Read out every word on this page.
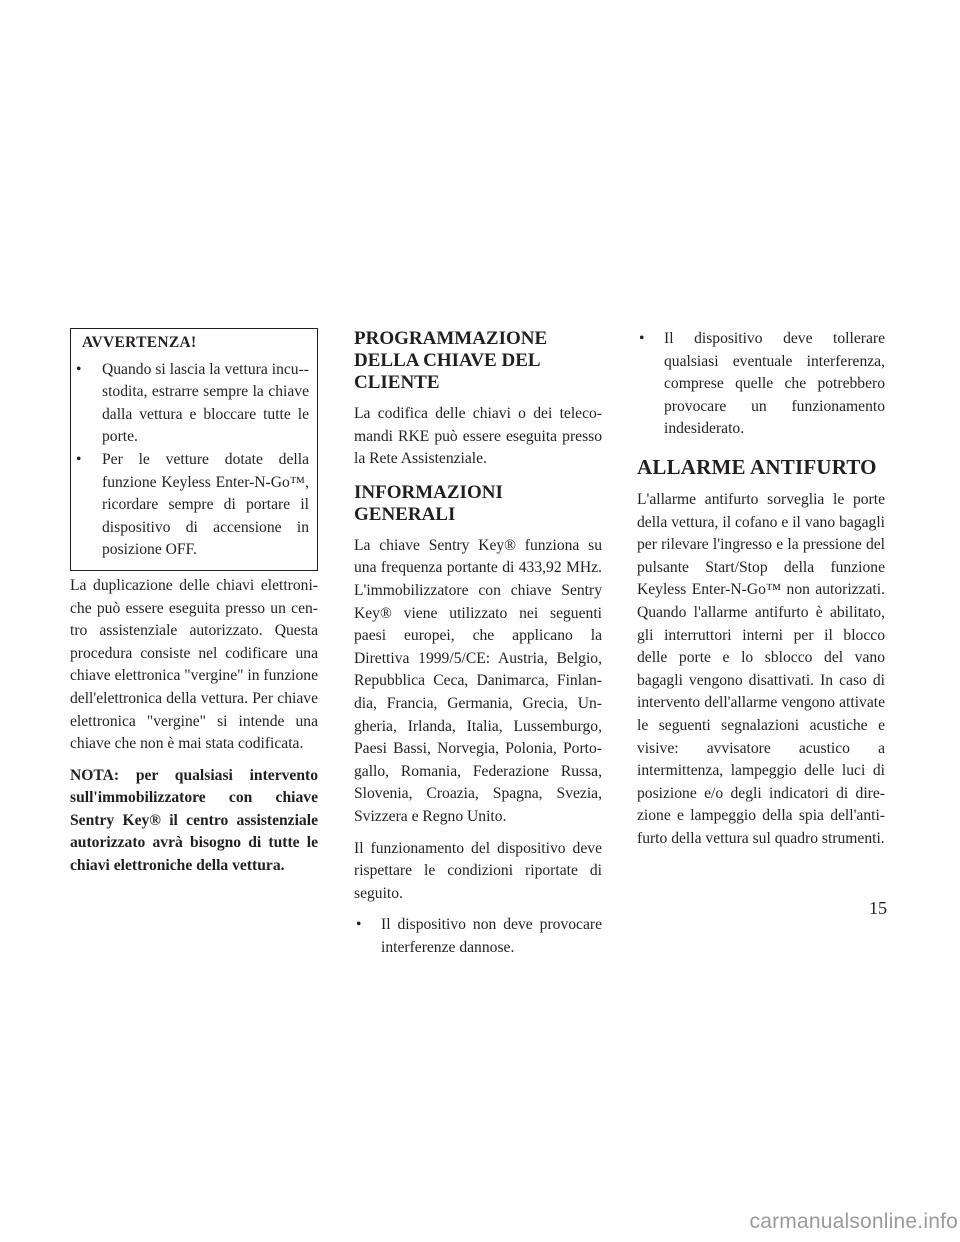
AVVERTENZA!
•	Quando si lascia la vettura incu-stodita, estrarre sempre la chiave dalla vettura e bloccare tutte le porte.
•	Per le vetture dotate della funzione Keyless Enter-N-Go™, ricordare sempre di portare il dispositivo di accensione in posizione OFF.

La duplicazione delle chiavi elettroniche può essere eseguita presso un centro assistenziale autorizzato. Questa procedura consiste nel codificare una chiave elettronica "vergine" in funzione dell'elettronica della vettura. Per chiave elettronica "vergine" si intende una chiave che non è mai stata codificata.

NOTA: per qualsiasi intervento sull'immobilizzatore con chiave Sentry Key® il centro assistenziale autorizzato avrà bisogno di tutte le chiavi elettroniche della vettura.

PROGRAMMAZIONE DELLA CHIAVE DEL CLIENTE

La codifica delle chiavi o dei telecomandi RKE può essere eseguita presso la Rete Assistenziale.

INFORMAZIONI GENERALI

La chiave Sentry Key® funziona su una frequenza portante di 433,92 MHz. L'immobilizzatore con chiave Sentry Key® viene utilizzato nei seguenti paesi europei, che applicano la Direttiva 1999/5/CE: Austria, Belgio, Repubblica Ceca, Danimarca, Finlandia, Francia, Germania, Grecia, Ungheria, Irlanda, Italia, Lussemburgo, Paesi Bassi, Norvegia, Polonia, Portogallo, Romania, Federazione Russa, Slovenia, Croazia, Spagna, Svezia, Svizzera e Regno Unito.

Il funzionamento del dispositivo deve rispettare le condizioni riportate di seguito.

•	Il dispositivo non deve provocare interferenze dannose.
•	Il dispositivo deve tollerare qualsiasi eventuale interferenza, comprese quelle che potrebbero provocare un funzionamento indesiderato.
ALLARME ANTIFURTO

L'allarme antifurto sorveglia le porte della vettura, il cofano e il vano bagagli per rilevare l'ingresso e la pressione del pulsante Start/Stop della funzione Keyless Enter-N-Go™ non autorizzati. Quando l'allarme antifurto è abilitato, gli interruttori interni per il blocco delle porte e lo sblocco del vano bagagli vengono disattivati. In caso di intervento dell'allarme vengono attivate le seguenti segnalazioni acustiche e visive: avvisatore acustico a intermittenza, lampeggio delle luci di posizione e/o degli indicatori di direzione e lampeggio della spia dell'antifurto della vettura sul quadro strumenti.

15
carmanualsonline.info
